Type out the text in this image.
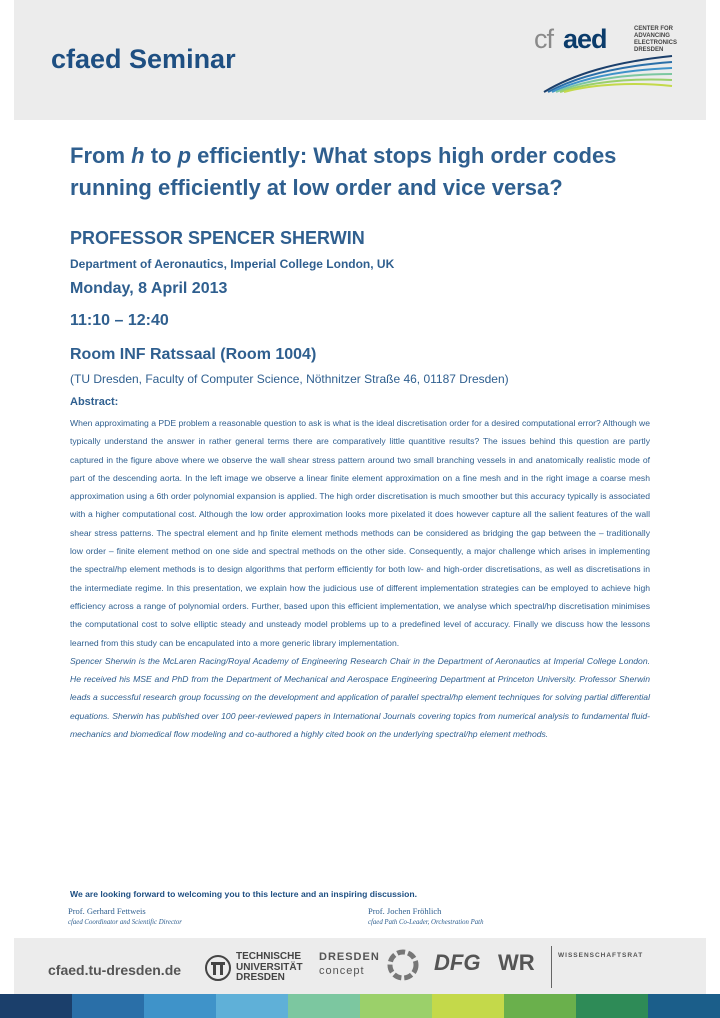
cfaed Seminar
cf aed	CENTER FOR
ADVANCING
ELECTRONICS
DRESDEN
From h to p efficiently: What stops high order codes running efficiently at low order and vice versa?
PROFESSOR SPENCER SHERWIN
Department of Aeronautics, Imperial College London, UK
Monday, 8 April 2013
11:10 – 12:40
Room INF Ratssaal (Room 1004)
(TU Dresden, Faculty of Computer Science, Nöthnitzer Straße 46, 01187 Dresden)
Abstract:
When approximating a PDE problem a reasonable question to ask is what is the ideal discretisation order for a desired computational error? Although we typically understand the answer in rather general terms there are comparatively little quantitive results? The issues behind this question are partly captured in the figure above where we observe the wall shear stress pattern around two small branching vessels in and anatomically realistic mode of part of the descending aorta. In the left image we observe a linear finite element approximation on a fine mesh and in the right image a coarse mesh approximation using a 6th order polynomial expansion is applied. The high order discretisation is much smoother but this accuracy typically is associated with a higher computational cost. Although the low order approximation looks more pixelated it does however capture all the salient features of the wall shear stress patterns. The spectral element and hp finite element methods methods can be considered as bridging the gap between the – traditionally low order – finite element method on one side and spectral methods on the other side. Consequently, a major challenge which arises in implementing the spectral/hp element methods is to design algorithms that perform efficiently for both low- and high-order discretisations, as well as discretisations in the intermediate regime. In this presentation, we explain how the judicious use of different implementation strategies can be employed to achieve high efficiency across a range of polynomial orders. Further, based upon this efficient implementation, we analyse which spectral/hp discretisation minimises the computational cost to solve elliptic steady and unsteady model problems up to a predefined level of accuracy. Finally we discuss how the lessons learned from this study can be encapulated into a more generic library implementation.
Spencer Sherwin is the McLaren Racing/Royal Academy of Engineering Research Chair in the Department of Aeronautics at Imperial College London. He received his MSE and PhD from the Department of Mechanical and Aerospace Engineering Department at Princeton University. Professor Sherwin leads a successful research group focussing on the development and application of parallel spectral/hp element techniques for solving partial differential equations. Sherwin has published over 100 peer-reviewed papers in International Journals covering topics from numerical analysis to fundamental fluid-mechanics and biomedical flow modeling and co-authored a highly cited book on the underlying spectral/hp element methods.
We are looking forward to welcoming you to this lecture and an inspiring discussion.
Prof. Gerhard Fettweis
cfaed Coordinator and Scientific Director
Prof. Jochen Fröhlich
cfaed Path Co-Leader, Orchestration Path
cfaed.tu-dresden.de
TECHNISCHE
UNIVERSITÄT
DRESDEN
DRESDEN
concept	DFG WR	WISSENSCHAFTSRAT
